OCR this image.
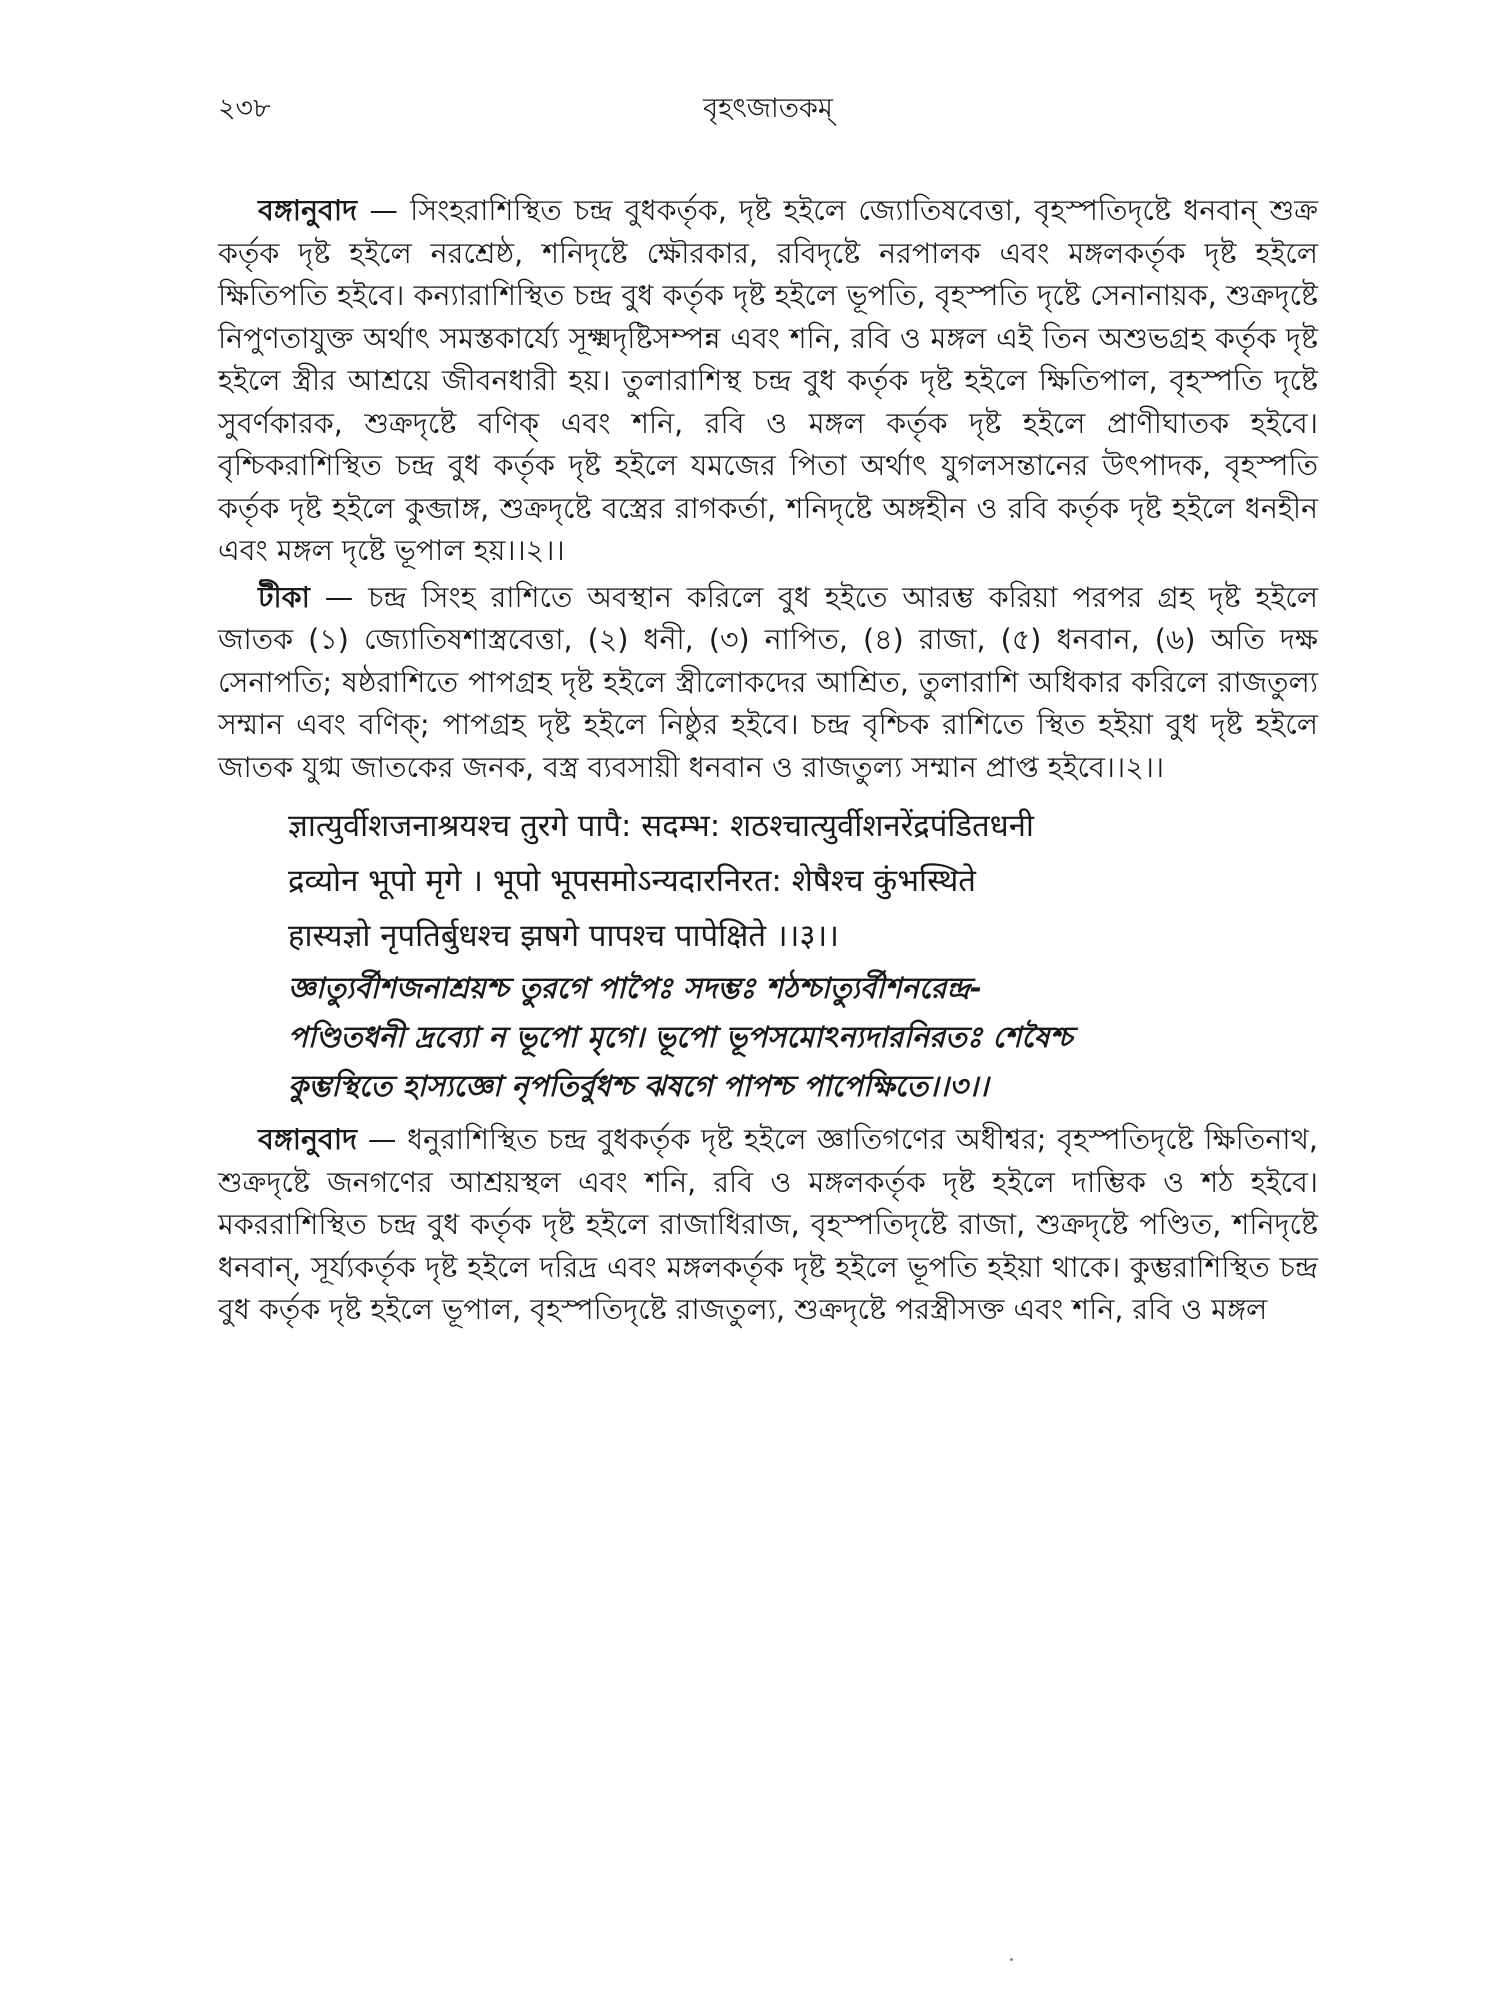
২৩৮	বৃহৎজাতকম্

বঙ্গানুবাদ — সিংহরাশিস্থিত চন্দ্র বুধকর্তৃক, দৃষ্ট হইলে জ্যোতিষবেত্তা, বৃহস্পতিদৃষ্টে ধনবান্ শুক্র কর্তৃক দৃষ্ট হইলে নরশ্রেষ্ঠ, শনিদৃষ্টে ক্ষৌরকার, রবিদৃষ্টে নরপালক এবং মঙ্গলকর্তৃক দৃষ্ট হইলে ক্ষিতিপতি হইবে। কন্যারাশিস্থিত চন্দ্র বুধ কর্তৃক দৃষ্ট হইলে ভূপতি, বৃহস্পতি দৃষ্টে সেনানায়ক, শুক্রদৃষ্টে নিপুণতাযুক্ত অর্থাৎ সমস্তকার্য্যে সূক্ষ্মদৃষ্টিসম্পন্ন এবং শনি, রবি ও মঙ্গল এই তিন অশুভগ্রহ কর্তৃক দৃষ্ট হইলে স্ত্রীর আশ্রয়ে জীবনধারী হয়। তুলারাশিস্থ চন্দ্র বুধ কর্তৃক দৃষ্ট হইলে ক্ষিতিপাল, বৃহস্পতি দৃষ্টে সুবর্ণকারক, শুক্রদৃষ্টে বণিক্ এবং শনি, রবি ও মঙ্গল কর্তৃক দৃষ্ট হইলে প্রাণীঘাতক হইবে। বৃশ্চিকরাশিস্থিত চন্দ্র বুধ কর্তৃক দৃষ্ট হইলে যমজের পিতা অর্থাৎ যুগলসন্তানের উৎপাদক, বৃহস্পতি কর্তৃক দৃষ্ট হইলে কুব্জাঙ্গ, শুক্রদৃষ্টে বস্ত্রের রাগকর্তা, শনিদৃষ্টে অঙ্গহীন ও রবি কর্তৃক দৃষ্ট হইলে ধনহীন এবং মঙ্গল দৃষ্টে ভূপাল হয়।।২।।

টীকা — চন্দ্র সিংহ রাশিতে অবস্থান করিলে বুধ হইতে আরম্ভ করিয়া পরপর গ্রহ দৃষ্ট হইলে জাতক (১) জ্যোতিষশাস্ত্রবেত্তা, (২) ধনী, (৩) নাপিত, (৪) রাজা, (৫) ধনবান, (৬) অতি দক্ষ সেনাপতি; ষষ্ঠরাশিতে পাপগ্রহ দৃষ্ট হইলে স্ত্রীলোকদের আশ্রিত, তুলারাশি অধিকার করিলে রাজতুল্য সম্মান এবং বণিক্; পাপগ্রহ দৃষ্ট হইলে নিষ্ঠুর হইবে। চন্দ্র বৃশ্চিক রাশিতে স্থিত হইয়া বুধ দৃষ্ট হইলে জাতক যুগ্ম জাতকের জনক, বস্ত্র ব্যবসায়ী ধনবান ও রাজতুল্য সম্মান প্রাপ্ত হইবে।।২।।

ज्ञात्युर्वीशजनाश्रयश्च तुरगे पापै: सदम्भ: शठश्चात्युर्वीशनरेंद्रपंडितधनी
द्रव्योन भूपो मृगे । भूपो भूपसमोऽन्यदारनिरत: शेषैश्च कुंभस्थिते
हास्यज्ञो नृपतिर्बुधश्च झषगे पापश्च पापेक्षिते ।।३।।
জ্ঞাত্যুর্বীশজনাশ্রয়শ্চ তুরগে পাপৈঃ সদম্ভঃ শঠশ্চাত্যুর্বীশনরেন্দ্র-
পণ্ডিতধনী দ্রব্যো ন ভূপো মৃগে। ভূপো ভূপসমোঽন্যদারনিরতঃ শেষৈশ্চ
কুম্ভস্থিতে হাস্যজ্ঞো নৃপতির্বুধশ্চ ঝষগে পাপশ্চ পাপেক্ষিতে।।৩।।

বঙ্গানুবাদ — ধনুরাশিস্থিত চন্দ্র বুধকর্তৃক দৃষ্ট হইলে জ্ঞাতিগণের অধীশ্বর; বৃহস্পতিদৃষ্টে ক্ষিতিনাথ, শুক্রদৃষ্টে জনগণের আশ্রয়স্থল এবং শনি, রবি ও মঙ্গলকর্তৃক দৃষ্ট হইলে দাম্ভিক ও শঠ হইবে। মকররাশিস্থিত চন্দ্র বুধ কর্তৃক দৃষ্ট হইলে রাজাধিরাজ, বৃহস্পতিদৃষ্টে রাজা, শুক্রদৃষ্টে পণ্ডিত, শনিদৃষ্টে ধনবান্, সূর্য্যকর্তৃক দৃষ্ট হইলে দরিদ্র এবং মঙ্গলকর্তৃক দৃষ্ট হইলে ভূপতি হইয়া থাকে। কুম্ভরাশিস্থিত চন্দ্র বুধ কর্তৃক দৃষ্ট হইলে ভূপাল, বৃহস্পতিদৃষ্টে রাজতুল্য, শুক্রদৃষ্টে পরস্ত্রীসক্ত এবং শনি, রবি ও মঙ্গল
